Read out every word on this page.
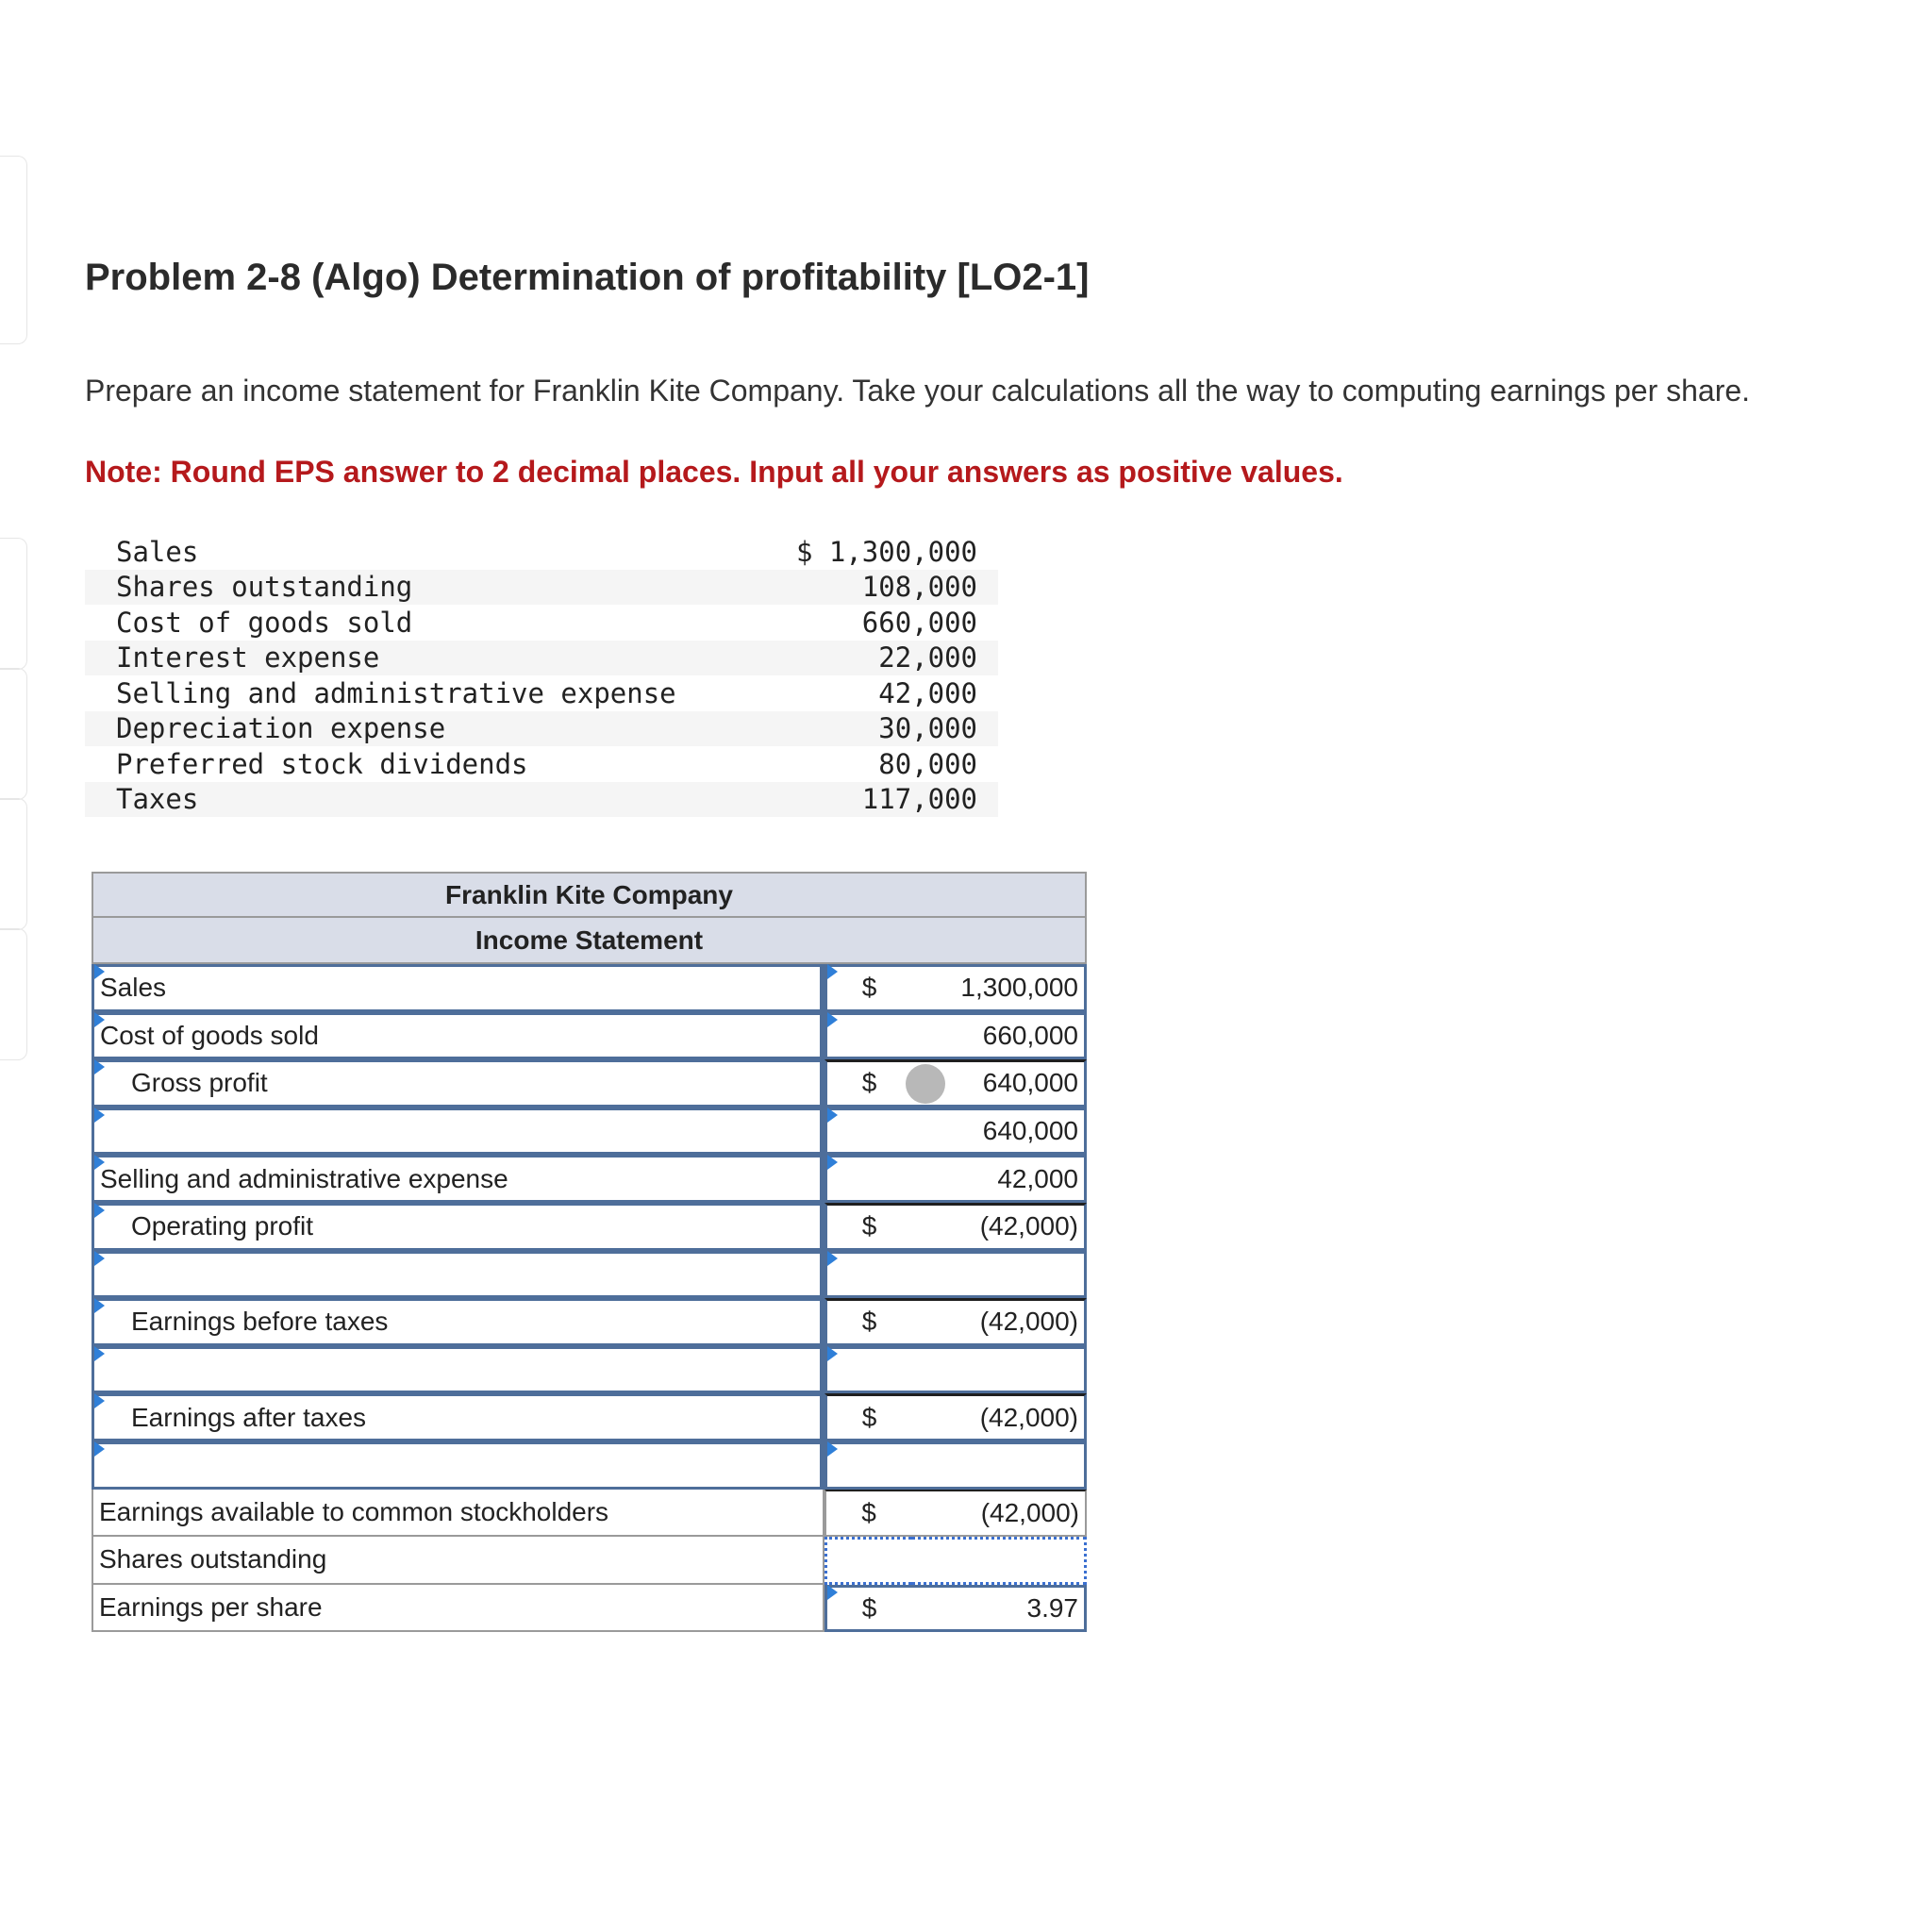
Problem 2-8 (Algo) Determination of profitability [LO2-1]

Prepare an income statement for Franklin Kite Company. Take your calculations all the way to computing earnings per share.

Note: Round EPS answer to 2 decimal places. Input all your answers as positive values.

Sales	$ 1,300,000
Shares outstanding	108,000
Cost of goods sold	660,000
Interest expense	22,000
Selling and administrative expense	42,000
Depreciation expense	30,000
Preferred stock dividends	80,000
Taxes	117,000
Franklin Kite Company
Income Statement
Sales	$	1,300,000
Cost of goods sold	660,000
Gross profit	$	640,000
640,000
Selling and administrative expense	42,000
Operating profit	$	(42,000)
Earnings before taxes	$	(42,000)
Earnings after taxes	$	(42,000)
Earnings available to common stockholders	$	(42,000)
Shares outstanding
Earnings per share	$	3.97
